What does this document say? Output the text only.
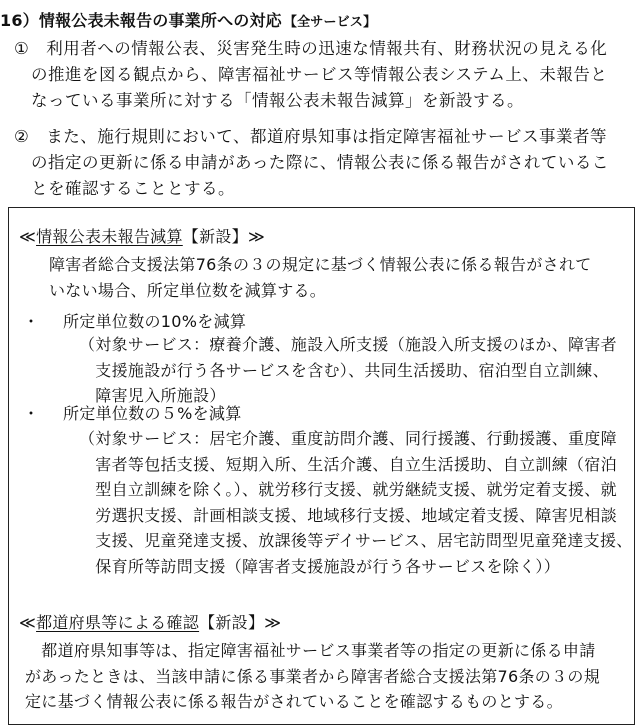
16）情報公表未報告の事業所への対応 【全サービス】
①　利用者への情報公表、災害発生時の迅速な情報共有、財務状況の見える化
　の推進を図る観点から、障害福祉サービス等情報公表システム上、未報告と
　なっている事業所に対する「情報公表未報告減算」を新設する。
②　また、施行規則において、都道府県知事は指定障害福祉サービス事業者等
　の指定の更新に係る申請があった際に、情報公表に係る報告がされているこ
　とを確認することとする。
≪情報公表未報告減算【新設】≫
障害者総合支援法第76条の３の規定に基づく情報公表に係る報告がされて
いない場合、所定単位数を減算する。
・ 所定単位数の10%を減算
（対象サービス：療養介護、施設入所支援（施設入所支援のほか、障害者
　支援施設が行う各サービスを含む）、共同生活援助、宿泊型自立訓練、
　障害児入所施設）
・ 所定単位数の５%を減算
（対象サービス：居宅介護、重度訪問介護、同行援護、行動援護、重度障
　害者等包括支援、短期入所、生活介護、自立生活援助、自立訓練（宿泊
　型自立訓練を除く。）、就労移行支援、就労継続支援、就労定着支援、就
　労選択支援、計画相談支援、地域移行支援、地域定着支援、障害児相談
　支援、児童発達支援、放課後等デイサービス、居宅訪問型児童発達支援、
　保育所等訪問支援（障害者支援施設が行う各サービスを除く））
≪都道府県等による確認【新設】≫
　都道府県知事等は、指定障害福祉サービス事業者等の指定の更新に係る申請
があったときは、当該申請に係る事業者から障害者総合支援法第76条の３の規
定に基づく情報公表に係る報告がされていることを確認するものとする。
